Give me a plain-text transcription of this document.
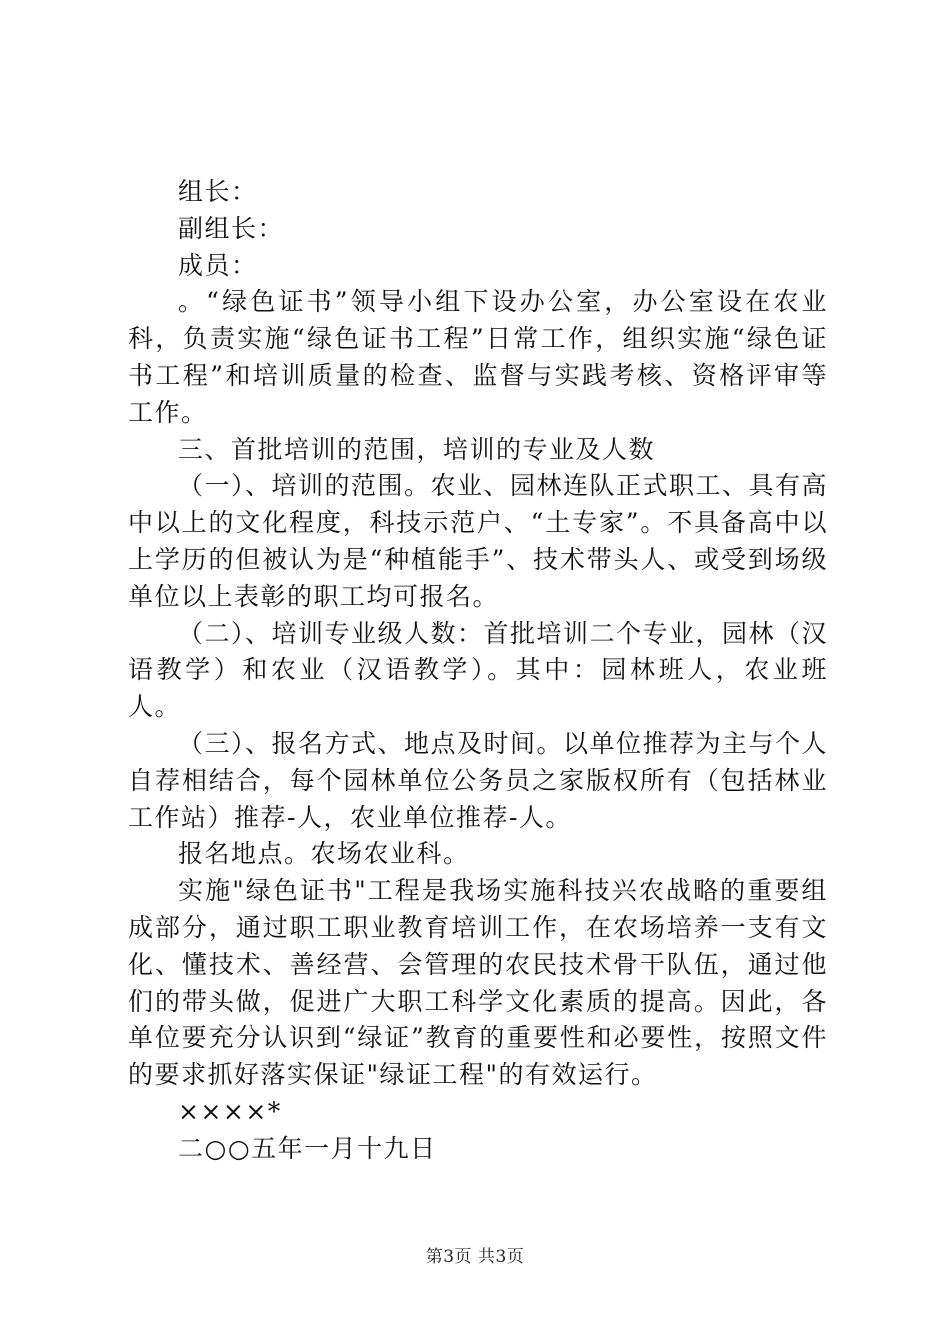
组长：

副组长：

成员：

。“绿色证书”领导小组下设办公室，办公室设在农业科，负责实施“绿色证书工程”日常工作，组织实施“绿色证书工程”和培训质量的检查、监督与实践考核、资格评审等工作。

三、首批培训的范围，培训的专业及人数

（一）、培训的范围。农业、园林连队正式职工、具有高中以上的文化程度，科技示范户、“土专家”。不具备高中以上学历的但被认为是“种植能手”、技术带头人、或受到场级单位以上表彰的职工均可报名。

（二）、培训专业级人数：首批培训二个专业，园林（汉语教学）和农业（汉语教学）。其中：园林班人，农业班人。

（三）、报名方式、地点及时间。以单位推荐为主与个人自荐相结合，每个园林单位公务员之家版权所有（包括林业工作站）推荐-人，农业单位推荐-人。

报名地点。农场农业科。

实施"绿色证书"工程是我场实施科技兴农战略的重要组成部分，通过职工职业教育培训工作，在农场培养一支有文化、懂技术、善经营、会管理的农民技术骨干队伍，通过他们的带头做，促进广大职工科学文化素质的提高。因此，各单位要充分认识到“绿证”教育的重要性和必要性，按照文件的要求抓好落实保证"绿证工程"的有效运行。

××××*

二○○五年一月十九日

第3页 共3页
